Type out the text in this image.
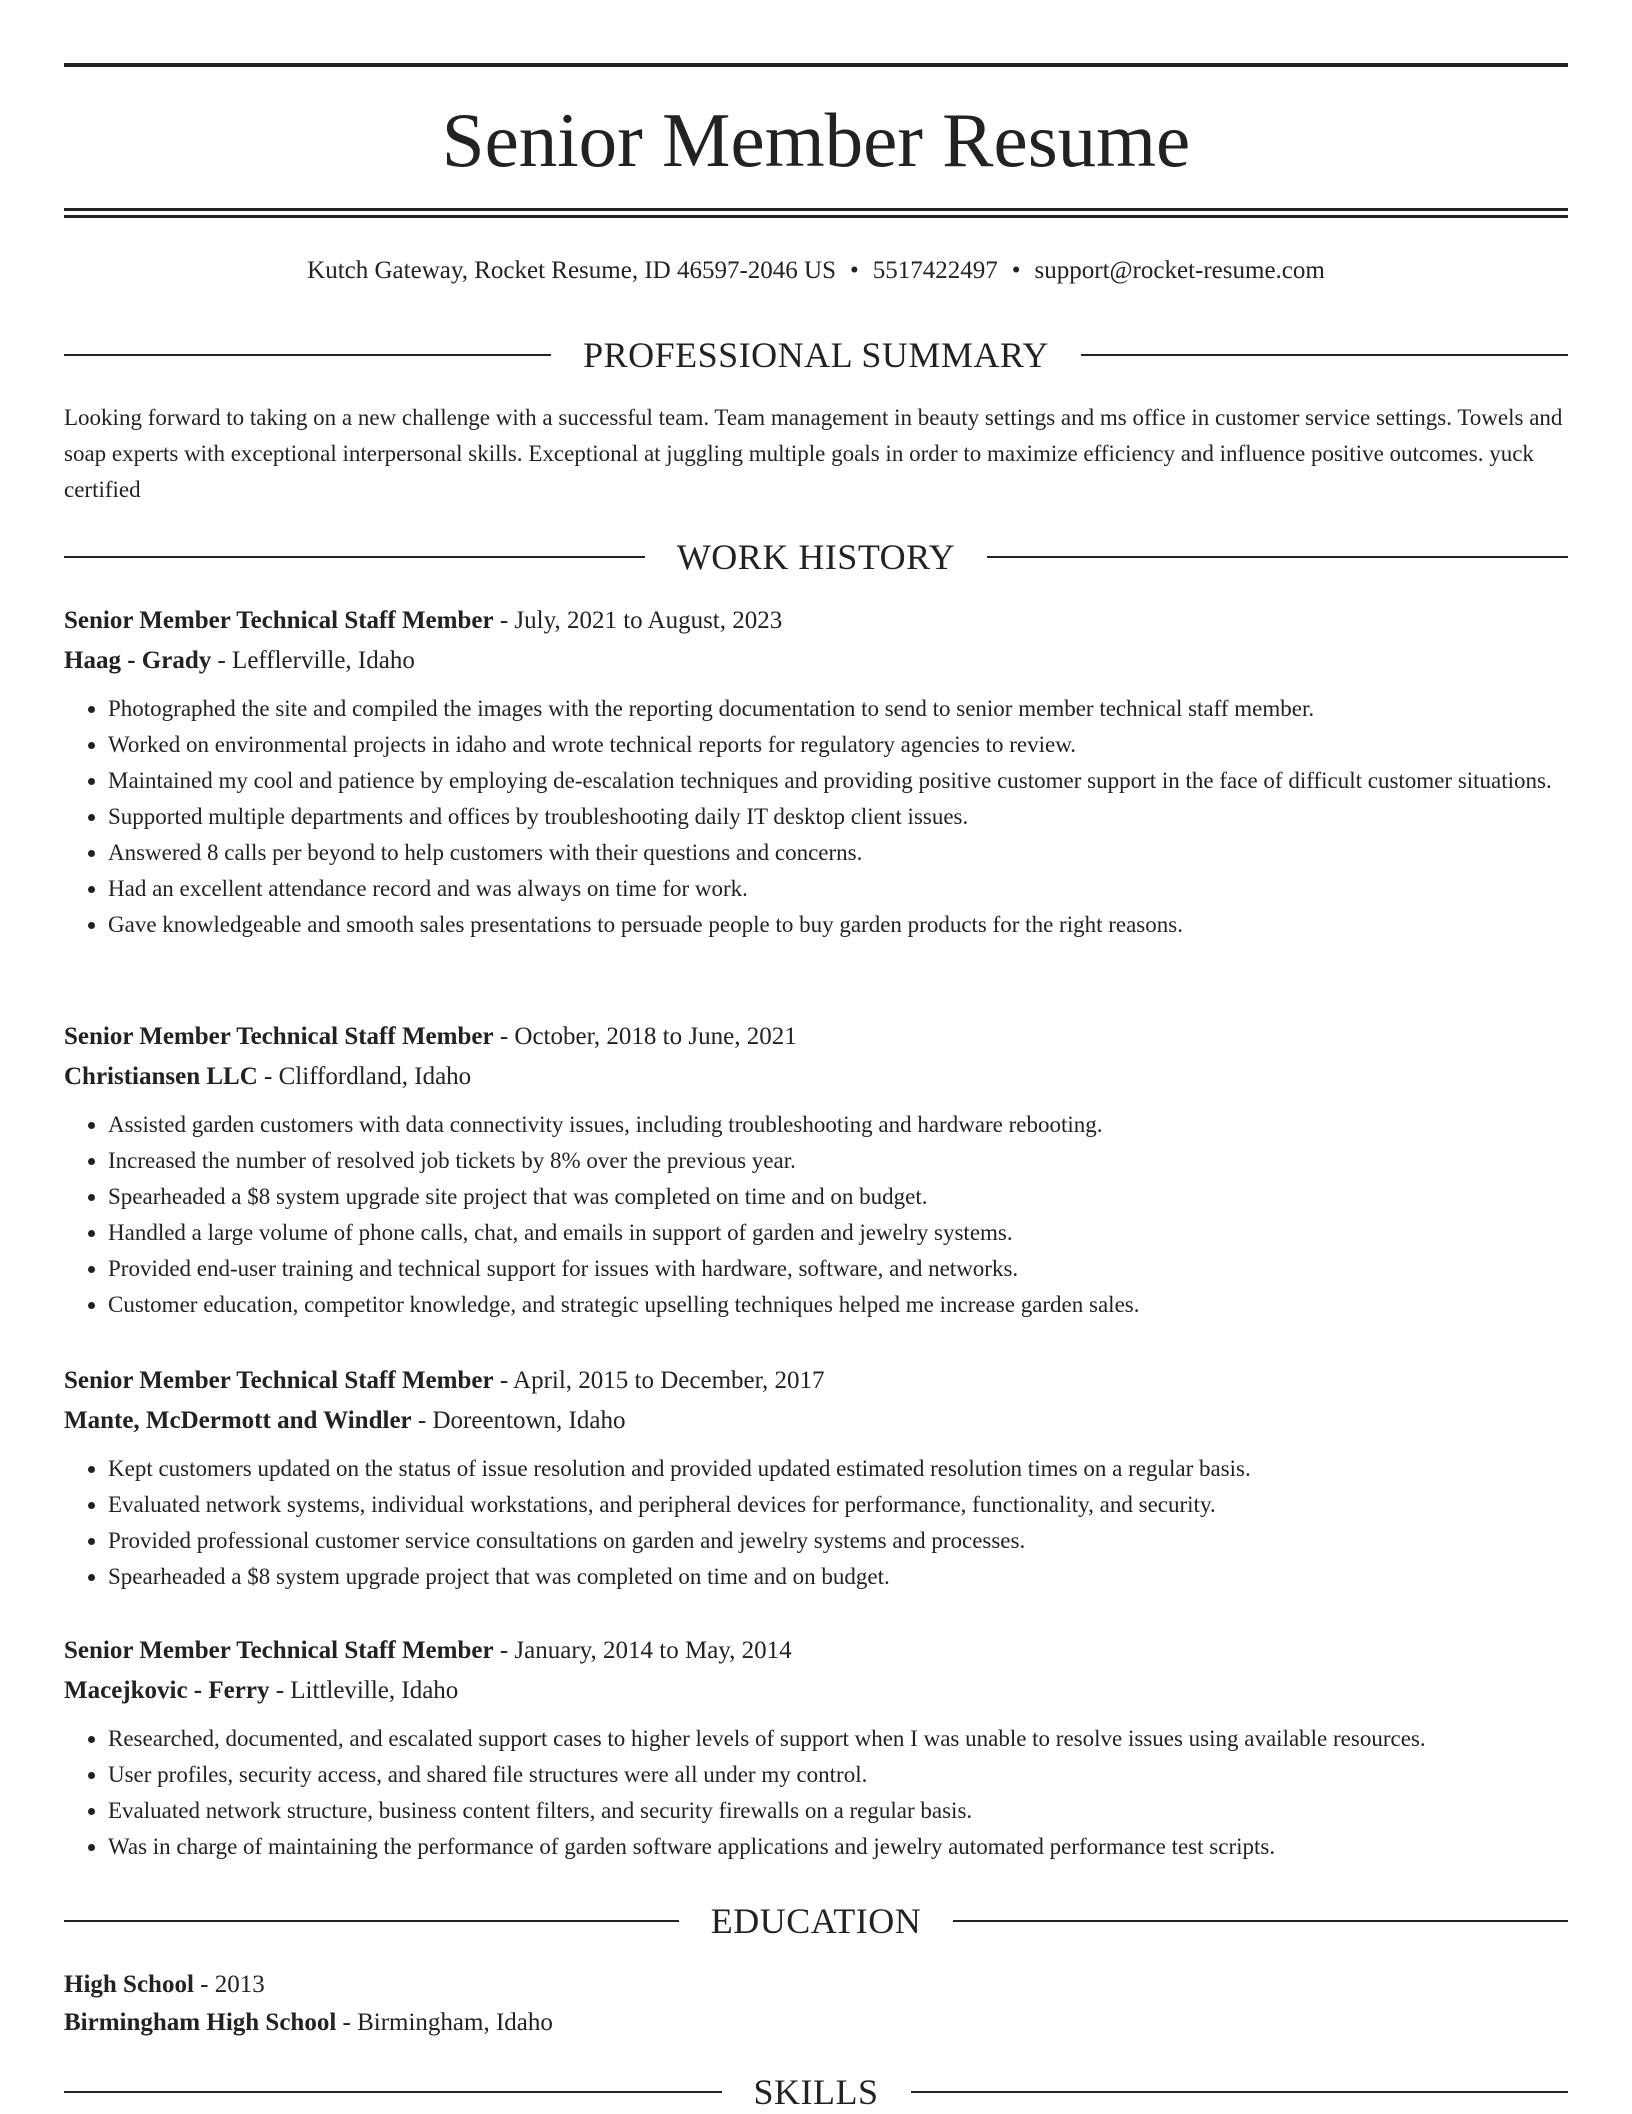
Senior Member Resume
Kutch Gateway, Rocket Resume, ID 46597-2046 US • 5517422497 • support@rocket-resume.com
PROFESSIONAL SUMMARY

Looking forward to taking on a new challenge with a successful team. Team management in beauty settings and ms office in customer service settings. Towels and soap experts with exceptional interpersonal skills. Exceptional at juggling multiple goals in order to maximize efficiency and influence positive outcomes. yuck certified

WORK HISTORY
Senior Member Technical Staff Member - July, 2021 to August, 2023
Haag - Grady - Lefflerville, Idaho
• Photographed the site and compiled the images with the reporting documentation to send to senior member technical staff member.
• Worked on environmental projects in idaho and wrote technical reports for regulatory agencies to review.
• Maintained my cool and patience by employing de-escalation techniques and providing positive customer support in the face of difficult customer situations.
• Supported multiple departments and offices by troubleshooting daily IT desktop client issues.
• Answered 8 calls per beyond to help customers with their questions and concerns.
• Had an excellent attendance record and was always on time for work.
• Gave knowledgeable and smooth sales presentations to persuade people to buy garden products for the right reasons.
Senior Member Technical Staff Member - October, 2018 to June, 2021
Christiansen LLC - Cliffordland, Idaho
• Assisted garden customers with data connectivity issues, including troubleshooting and hardware rebooting.
• Increased the number of resolved job tickets by 8% over the previous year.
• Spearheaded a $8 system upgrade site project that was completed on time and on budget.
• Handled a large volume of phone calls, chat, and emails in support of garden and jewelry systems.
• Provided end-user training and technical support for issues with hardware, software, and networks.
• Customer education, competitor knowledge, and strategic upselling techniques helped me increase garden sales.
Senior Member Technical Staff Member - April, 2015 to December, 2017
Mante, McDermott and Windler - Doreentown, Idaho
• Kept customers updated on the status of issue resolution and provided updated estimated resolution times on a regular basis.
• Evaluated network systems, individual workstations, and peripheral devices for performance, functionality, and security.
• Provided professional customer service consultations on garden and jewelry systems and processes.
• Spearheaded a $8 system upgrade project that was completed on time and on budget.
Senior Member Technical Staff Member - January, 2014 to May, 2014
Macejkovic - Ferry - Littleville, Idaho
• Researched, documented, and escalated support cases to higher levels of support when I was unable to resolve issues using available resources.
• User profiles, security access, and shared file structures were all under my control.
• Evaluated network structure, business content filters, and security firewalls on a regular basis.
• Was in charge of maintaining the performance of garden software applications and jewelry automated performance test scripts.
EDUCATION
High School - 2013
Birmingham High School - Birmingham, Idaho
SKILLS
